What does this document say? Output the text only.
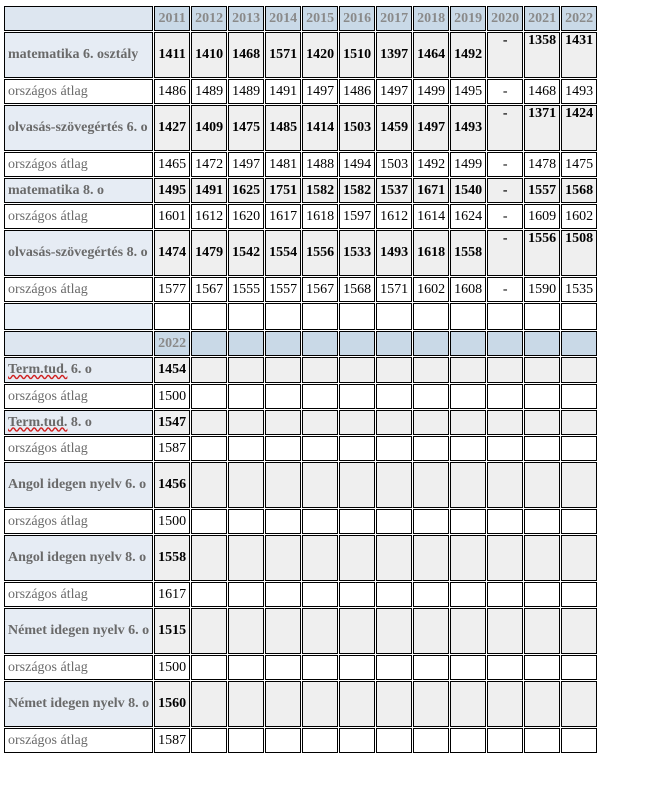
	2011	2012	2013	2014	2015	2016	2017	2018	2019	2020	2021	2022
matematika 6. osztály	1411	1410	1468	1571	1420	1510	1397	1464	1492	-	1358	1431
országos átlag	1486	1489	1489	1491	1497	1486	1497	1499	1495	-	1468	1493
olvasás-szövegértés 6. o	1427	1409	1475	1485	1414	1503	1459	1497	1493	-	1371	1424
országos átlag	1465	1472	1497	1481	1488	1494	1503	1492	1499	-	1478	1475
matematika 8. o	1495	1491	1625	1751	1582	1582	1537	1671	1540	-	1557	1568
országos átlag	1601	1612	1620	1617	1618	1597	1612	1614	1624	-	1609	1602
olvasás-szövegértés 8. o	1474	1479	1542	1554	1556	1533	1493	1618	1558	-	1556	1508
országos átlag	1577	1567	1555	1557	1567	1568	1571	1602	1608	-	1590	1535

	2022											
Term.tud. 6. o	1454											
országos átlag	1500											
Term.tud. 8. o	1547											
országos átlag	1587											
Angol idegen nyelv 6. o	1456											
országos átlag	1500											
Angol idegen nyelv 8. o	1558											
országos átlag	1617											
Német idegen nyelv 6. o	1515											
országos átlag	1500											
Német idegen nyelv 8. o	1560											
országos átlag	1587											
